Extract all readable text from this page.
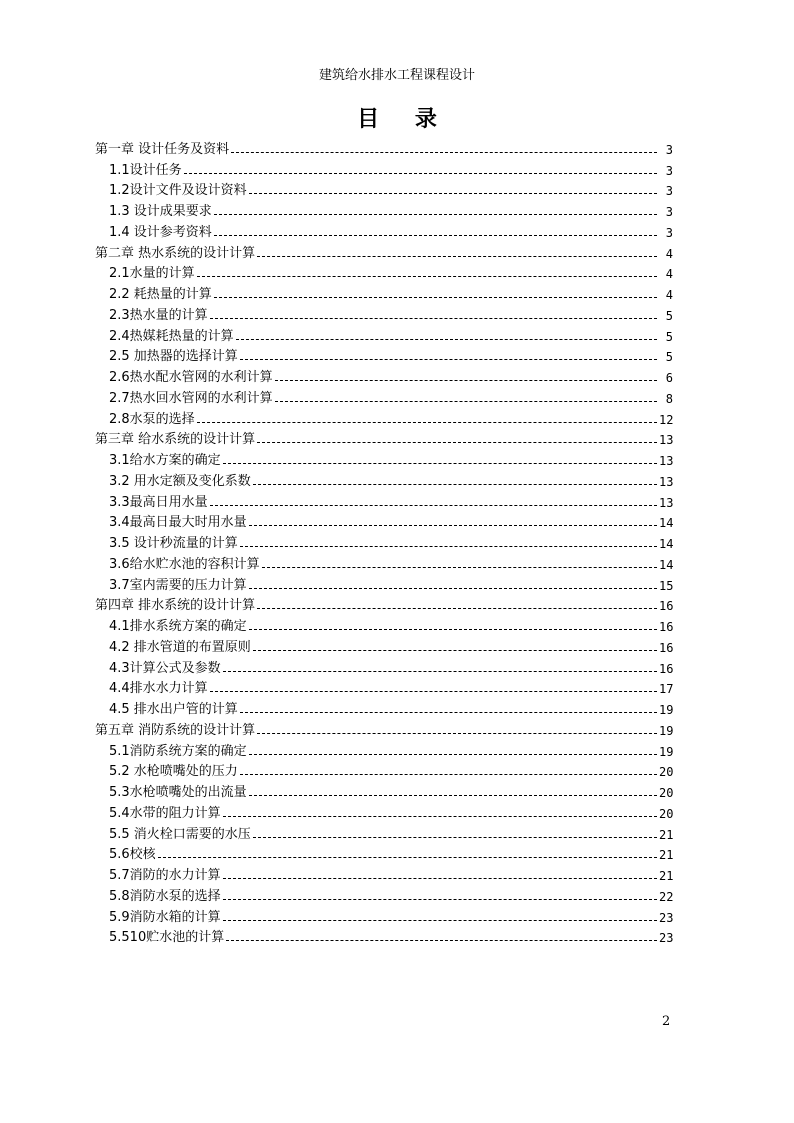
建筑给水排水工程课程设计
目 录
第一章 设计任务及资料	3
1.1设计任务	3
1.2设计文件及设计资料	3
1.3 设计成果要求	3
1.4 设计参考资料	3
第二章 热水系统的设计计算	4
2.1水量的计算	4
2.2 耗热量的计算	4
2.3热水量的计算	5
2.4热媒耗热量的计算	5
2.5 加热器的选择计算	5
2.6热水配水管网的水利计算	6
2.7热水回水管网的水利计算	8
2.8水泵的选择	12
第三章 给水系统的设计计算	13
3.1给水方案的确定	13
3.2 用水定额及变化系数	13
3.3最高日用水量	13
3.4最高日最大时用水量	14
3.5 设计秒流量的计算	14
3.6给水贮水池的容积计算	14
3.7室内需要的压力计算	15
第四章 排水系统的设计计算	16
4.1排水系统方案的确定	16
4.2 排水管道的布置原则	16
4.3计算公式及参数	16
4.4排水水力计算	17
4.5 排水出户管的计算	19
第五章 消防系统的设计计算	19
5.1消防系统方案的确定	19
5.2 水枪喷嘴处的压力	20
5.3水枪喷嘴处的出流量	20
5.4水带的阻力计算	20
5.5 消火栓口需要的水压	21
5.6校核	21
5.7消防的水力计算	21
5.8消防水泵的选择	22
5.9消防水箱的计算	23
5.510贮水池的计算	23
2
